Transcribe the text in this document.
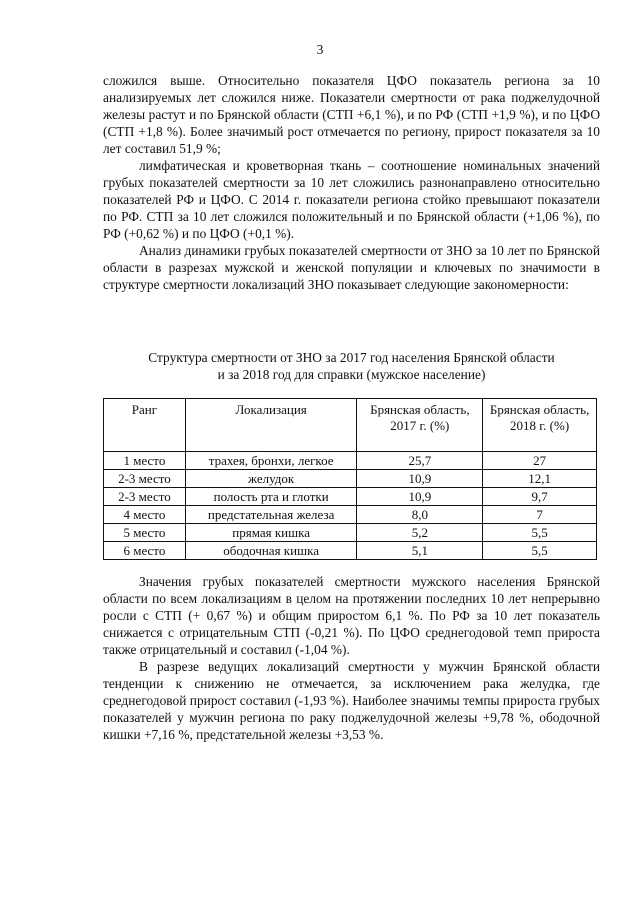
3

сложился выше. Относительно показателя ЦФО показатель региона за 10 анализируемых лет сложился ниже. Показатели смертности от рака поджелудочной железы растут и по Брянской области (СТП +6,1 %), и по РФ (СТП +1,9 %), и по ЦФО (СТП +1,8 %). Более значимый рост отмечается по региону, прирост показателя за 10 лет составил 51,9 %;

лимфатическая и кроветворная ткань – соотношение номинальных значений грубых показателей смертности за 10 лет сложились разнонаправлено относительно показателей РФ и ЦФО. С 2014 г. показатели региона стойко превышают показатели по РФ. СТП за 10 лет сложился положительный и по Брянской области (+1,06 %), по РФ (+0,62 %) и по ЦФО (+0,1 %).

Анализ динамики грубых показателей смертности от ЗНО за 10 лет по Брянской области в разрезах мужской и женской популяции и ключевых по значимости в структуре смертности локализаций ЗНО показывает следующие закономерности:

Структура смертности от ЗНО за 2017 год населения Брянской области
и за 2018 год для справки (мужское население)
Ранг	Локализация	Брянская область, 2017 г. (%)	Брянская область, 2018 г. (%)
1 место	трахея, бронхи, легкое	25,7	27
2-3 место	желудок	10,9	12,1
2-3 место	полость рта и глотки	10,9	9,7
4 место	предстательная железа	8,0	7
5 место	прямая кишка	5,2	5,5
6 место	ободочная кишка	5,1	5,5

Значения грубых показателей смертности мужского населения Брянской области по всем локализациям в целом на протяжении последних 10 лет непрерывно росли с СТП (+ 0,67 %) и общим приростом 6,1 %. По РФ за 10 лет показатель снижается с отрицательным СТП (-0,21 %). По ЦФО среднегодовой темп прироста также отрицательный и составил (-1,04 %).

В разрезе ведущих локализаций смертности у мужчин Брянской области тенденции к снижению не отмечается, за исключением рака желудка, где среднегодовой прирост составил (-1,93 %). Наиболее значимы темпы прироста грубых показателей у мужчин региона по раку поджелудочной железы +9,78 %, ободочной кишки +7,16 %, предстательной железы +3,53 %.
